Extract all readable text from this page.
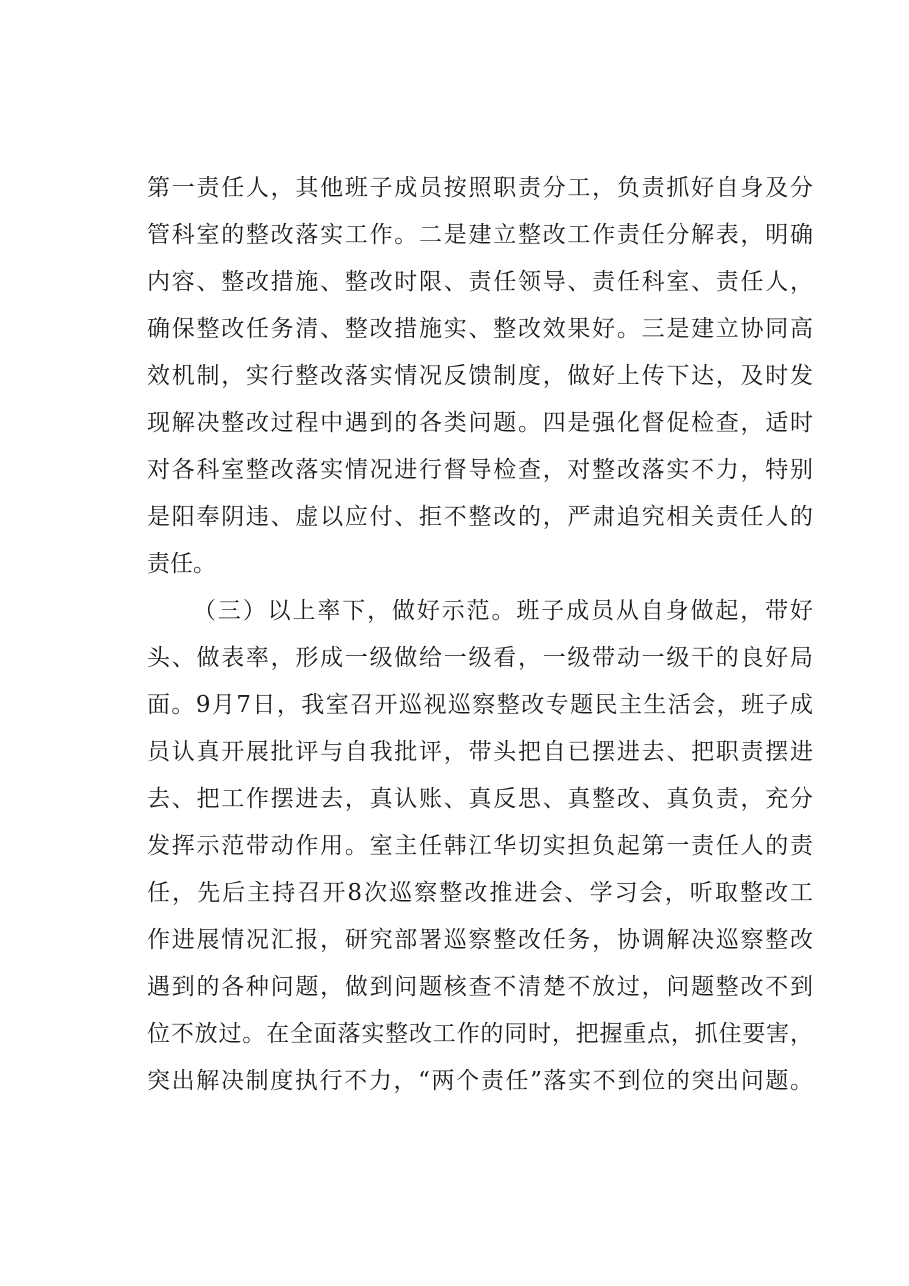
第一责任人，其他班子成员按照职责分工，负责抓好自身及分
管科室的整改落实工作。二是建立整改工作责任分解表，明确
内容、整改措施、整改时限、责任领导、责任科室、责任人，
确保整改任务清、整改措施实、整改效果好。三是建立协同高
效机制，实行整改落实情况反馈制度，做好上传下达，及时发
现解决整改过程中遇到的各类问题。四是强化督促检查，适时
对各科室整改落实情况进行督导检查，对整改落实不力，特别
是阳奉阴违、虚以应付、拒不整改的，严肃追究相关责任人的
责任。
（三）以上率下，做好示范。班子成员从自身做起，带好
头、做表率，形成一级做给一级看，一级带动一级干的良好局
面。9月7日，我室召开巡视巡察整改专题民主生活会，班子成
员认真开展批评与自我批评，带头把自已摆进去、把职责摆进
去、把工作摆进去，真认账、真反思、真整改、真负责，充分
发挥示范带动作用。室主任韩江华切实担负起第一责任人的责
任，先后主持召开8次巡察整改推进会、学习会，听取整改工
作进展情况汇报，研究部署巡察整改任务，协调解决巡察整改
遇到的各种问题，做到问题核查不清楚不放过，问题整改不到
位不放过。在全面落实整改工作的同时，把握重点，抓住要害，
突出解决制度执行不力，“两个责任”落实不到位的突出问题。
